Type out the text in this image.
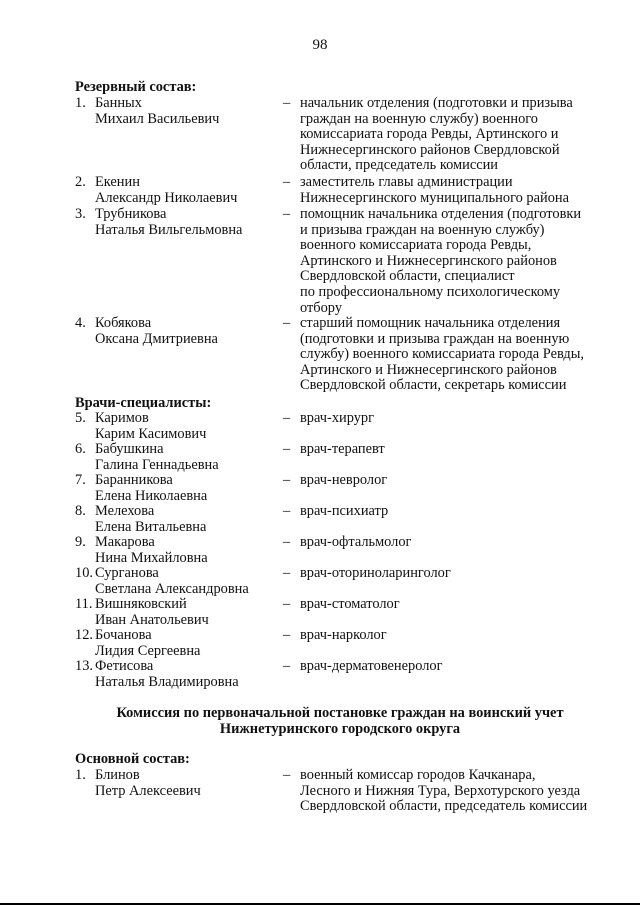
98
Резервный состав:
1. Банных
Михаил Васильевич
– начальник отделения (подготовки и призыва
граждан на военную службу) военного
комиссариата города Ревды, Артинского и
Нижнесергинского районов Свердловской
области, председатель комиссии
2. Екенин
Александр Николаевич
– заместитель главы администрации
Нижнесергинского муниципального района
3. Трубникова
Наталья Вильгельмовна
– помощник начальника отделения (подготовки
и призыва граждан на военную службу)
военного комиссариата города Ревды,
Артинского и Нижнесергинского районов
Свердловской области, специалист
по профессиональному психологическому
отбору
4. Кобякова
Оксана Дмитриевна
– старший помощник начальника отделения
(подготовки и призыва граждан на военную
службу) военного комиссариата города Ревды,
Артинского и Нижнесергинского районов
Свердловской области, секретарь комиссии
Врачи-специалисты:
5. Каримов
Карим Касимович
– врач-хирург
6. Бабушкина
Галина Геннадьевна
– врач-терапевт
7. Баранникова
Елена Николаевна
– врач-невролог
8. Мелехова
Елена Витальевна
– врач-психиатр
9. Макарова
Нина Михайловна
– врач-офтальмолог
10. Сурганова
Светлана Александровна
– врач-оториноларинголог
11. Вишняковский
Иван Анатольевич
– врач-стоматолог
12. Бочанова
Лидия Сергеевна
– врач-нарколог
13. Фетисова
Наталья Владимировна
– врач-дерматовенеролог
Комиссия по первоначальной постановке граждан на воинский учет
Нижнетуринского городского округа
Основной состав:
1. Блинов
Петр Алексеевич
– военный комиссар городов Качканара,
Лесного и Нижняя Тура, Верхотурского уезда
Свердловской области, председатель комиссии
